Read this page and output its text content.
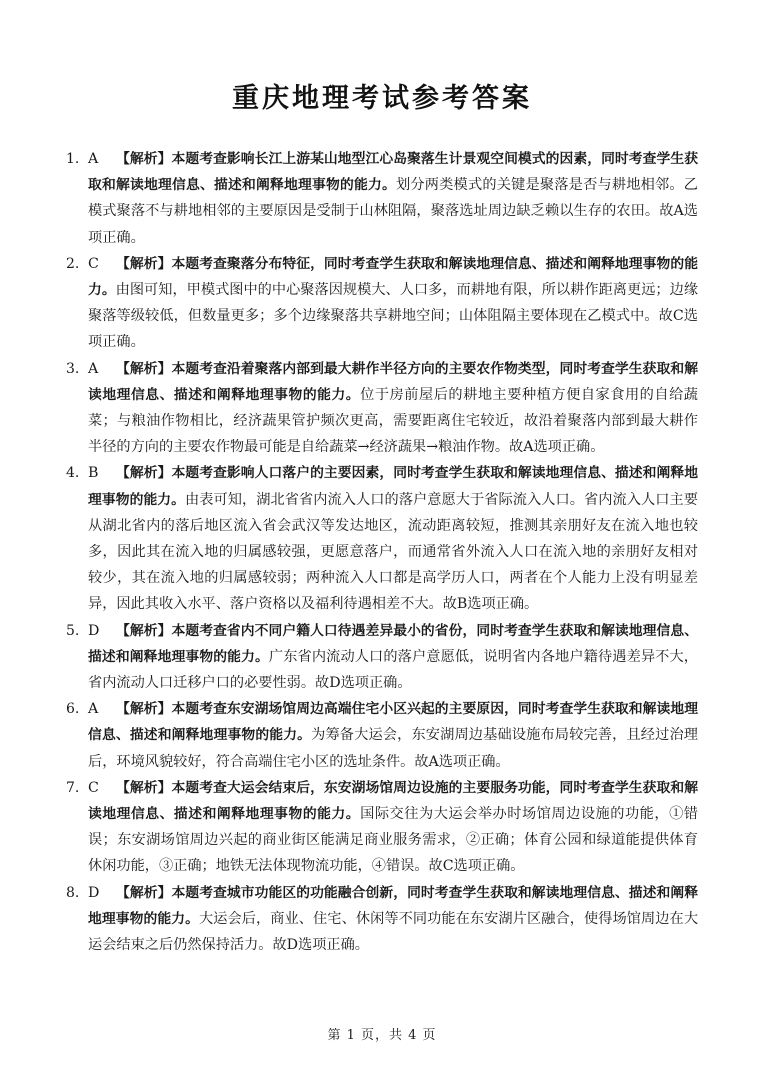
重庆地理考试参考答案
1. A 【解析】本题考查影响长江上游某山地型江心岛聚落生计景观空间模式的因素，同时考查学生获取和解读地理信息、描述和阐释地理事物的能力。划分两类模式的关键是聚落是否与耕地相邻。乙模式聚落不与耕地相邻的主要原因是受制于山林阻隔，聚落选址周边缺乏赖以生存的农田。故A选项正确。
2. C 【解析】本题考查聚落分布特征，同时考查学生获取和解读地理信息、描述和阐释地理事物的能力。由图可知，甲模式图中的中心聚落因规模大、人口多，而耕地有限，所以耕作距离更远；边缘聚落等级较低，但数量更多；多个边缘聚落共享耕地空间；山体阻隔主要体现在乙模式中。故C选项正确。
3. A 【解析】本题考查沿着聚落内部到最大耕作半径方向的主要农作物类型，同时考查学生获取和解读地理信息、描述和阐释地理事物的能力。位于房前屋后的耕地主要种植方便自家食用的自给蔬菜；与粮油作物相比，经济蔬果管护频次更高，需要距离住宅较近，故沿着聚落内部到最大耕作半径的方向的主要农作物最可能是自给蔬菜→经济蔬果→粮油作物。故A选项正确。
4. B 【解析】本题考查影响人口落户的主要因素，同时考查学生获取和解读地理信息、描述和阐释地理事物的能力。由表可知，湖北省省内流入人口的落户意愿大于省际流入人口。省内流入人口主要从湖北省内的落后地区流入省会武汉等发达地区，流动距离较短，推测其亲朋好友在流入地也较多，因此其在流入地的归属感较强，更愿意落户，而通常省外流入人口在流入地的亲朋好友相对较少，其在流入地的归属感较弱；两种流入人口都是高学历人口，两者在个人能力上没有明显差异，因此其收入水平、落户资格以及福利待遇相差不大。故B选项正确。
5. D 【解析】本题考查省内不同户籍人口待遇差异最小的省份，同时考查学生获取和解读地理信息、描述和阐释地理事物的能力。广东省内流动人口的落户意愿低，说明省内各地户籍待遇差异不大，省内流动人口迁移户口的必要性弱。故D选项正确。
6. A 【解析】本题考查东安湖场馆周边高端住宅小区兴起的主要原因，同时考查学生获取和解读地理信息、描述和阐释地理事物的能力。为筹备大运会，东安湖周边基础设施布局较完善，且经过治理后，环境风貌较好，符合高端住宅小区的选址条件。故A选项正确。
7. C 【解析】本题考查大运会结束后，东安湖场馆周边设施的主要服务功能，同时考查学生获取和解读地理信息、描述和阐释地理事物的能力。国际交往为大运会举办时场馆周边设施的功能，①错误；东安湖场馆周边兴起的商业街区能满足商业服务需求，②正确；体育公园和绿道能提供体育休闲功能，③正确；地铁无法体现物流功能，④错误。故C选项正确。
8. D 【解析】本题考查城市功能区的功能融合创新，同时考查学生获取和解读地理信息、描述和阐释地理事物的能力。大运会后，商业、住宅、休闲等不同功能在东安湖片区融合，使得场馆周边在大运会结束之后仍然保持活力。故D选项正确。
第 1 页，共 4 页
